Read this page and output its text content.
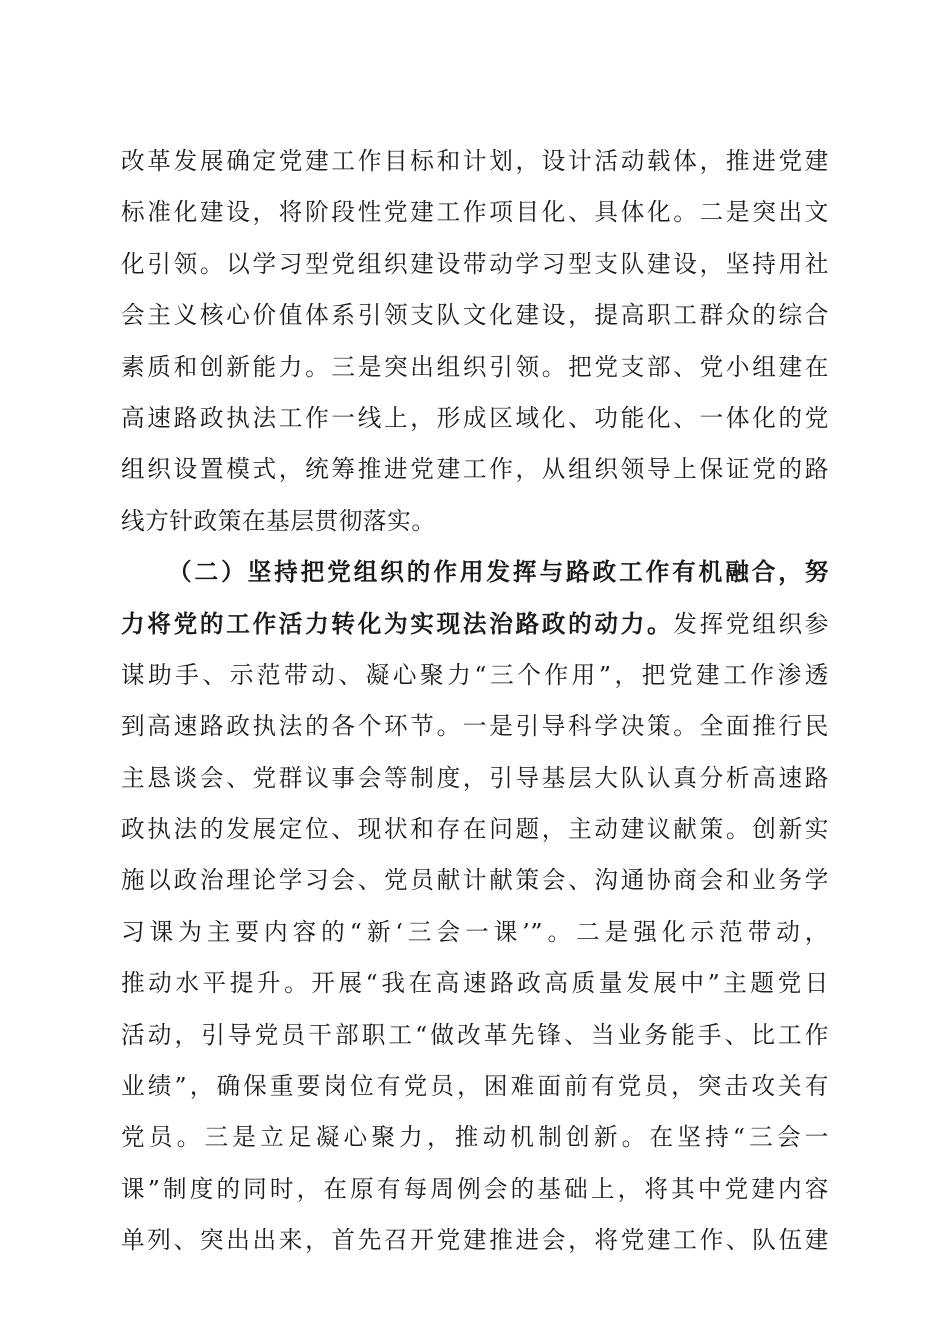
改革发展确定党建工作目标和计划，设计活动载体，推进党建
标准化建设，将阶段性党建工作项目化、具体化。二是突出文
化引领。以学习型党组织建设带动学习型支队建设，坚持用社
会主义核心价值体系引领支队文化建设，提高职工群众的综合
素质和创新能力。三是突出组织引领。把党支部、党小组建在
高速路政执法工作一线上，形成区域化、功能化、一体化的党
组织设置模式，统筹推进党建工作，从组织领导上保证党的路
线方针政策在基层贯彻落实。
（二）坚持把党组织的作用发挥与路政工作有机融合，努
力将党的工作活力转化为实现法治路政的动力。发挥党组织参
谋助手、示范带动、凝心聚力“三个作用”，把党建工作渗透
到高速路政执法的各个环节。一是引导科学决策。全面推行民
主恳谈会、党群议事会等制度，引导基层大队认真分析高速路
政执法的发展定位、现状和存在问题，主动建议献策。创新实
施以政治理论学习会、党员献计献策会、沟通协商会和业务学
习课为主要内容的“新‘三会一课’”。二是强化示范带动，
推动水平提升。开展“我在高速路政高质量发展中”主题党日
活动，引导党员干部职工“做改革先锋、当业务能手、比工作
业绩”，确保重要岗位有党员，困难面前有党员，突击攻关有
党员。三是立足凝心聚力，推动机制创新。在坚持“三会一
课”制度的同时，在原有每周例会的基础上，将其中党建内容
单列、突出出来，首先召开党建推进会，将党建工作、队伍建
